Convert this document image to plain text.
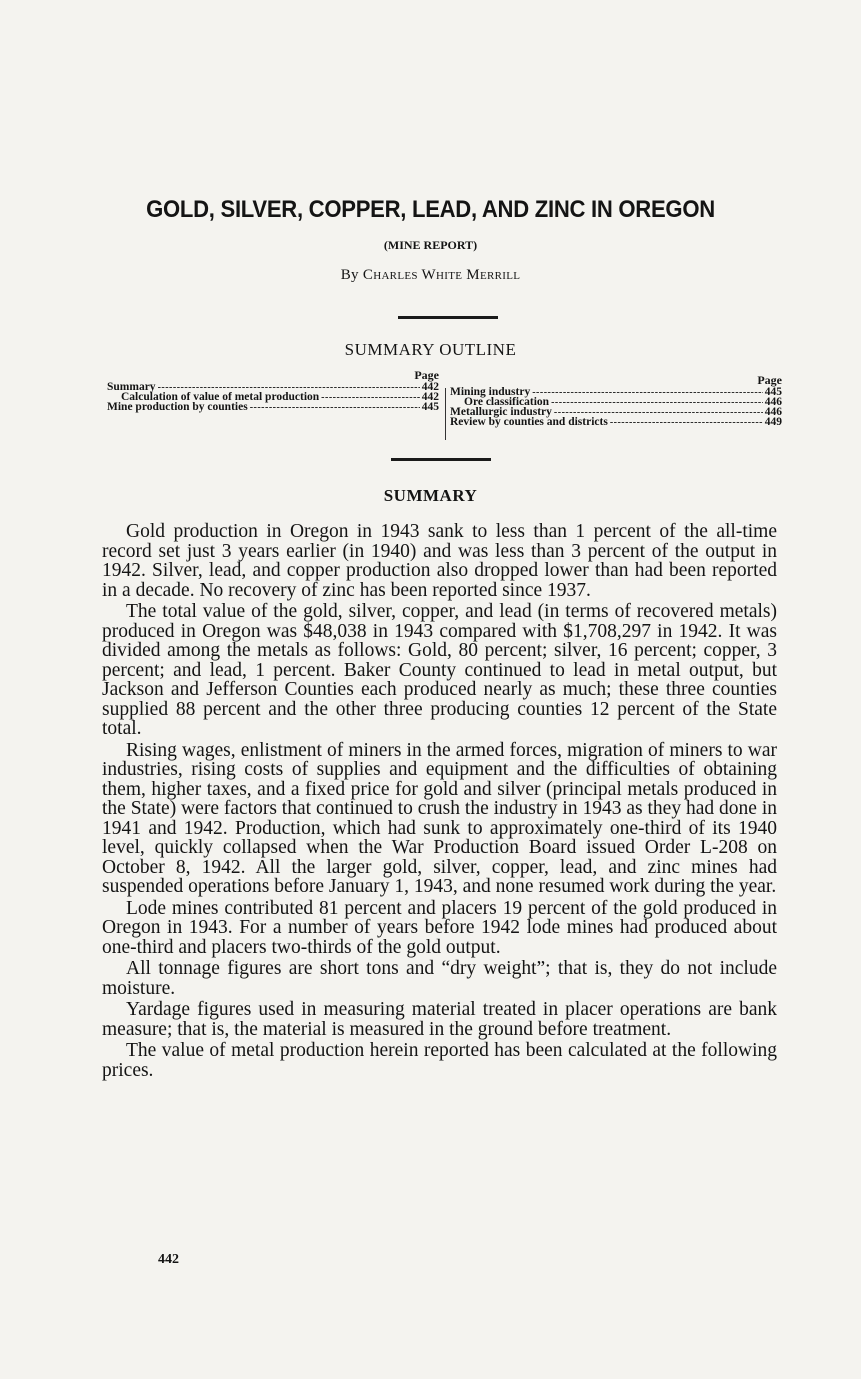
GOLD, SILVER, COPPER, LEAD, AND ZINC IN OREGON
(MINE REPORT)
By Charles White Merrill
SUMMARY OUTLINE
Page
Summary -----	442
Calculation of value of metal production -----	442
Mine production by counties -----	445
Page
Mining industry -----	445
Ore classification -----	446
Metallurgic industry -----	446
Review by counties and districts -----	449
SUMMARY

Gold production in Oregon in 1943 sank to less than 1 percent of the all-time record set just 3 years earlier (in 1940) and was less than 3 percent of the output in 1942. Silver, lead, and copper production also dropped lower than had been reported in a decade. No recovery of zinc has been reported since 1937.

The total value of the gold, silver, copper, and lead (in terms of recovered metals) produced in Oregon was $48,038 in 1943 compared with $1,708,297 in 1942. It was divided among the metals as follows: Gold, 80 percent; silver, 16 percent; copper, 3 percent; and lead, 1 percent. Baker County continued to lead in metal output, but Jackson and Jefferson Counties each produced nearly as much; these three counties supplied 88 percent and the other three producing counties 12 percent of the State total.

Rising wages, enlistment of miners in the armed forces, migration of miners to war industries, rising costs of supplies and equipment and the difficulties of obtaining them, higher taxes, and a fixed price for gold and silver (principal metals produced in the State) were factors that continued to crush the industry in 1943 as they had done in 1941 and 1942. Production, which had sunk to approximately one-third of its 1940 level, quickly collapsed when the War Production Board issued Order L-208 on October 8, 1942. All the larger gold, silver, copper, lead, and zinc mines had suspended operations before January 1, 1943, and none resumed work during the year.

Lode mines contributed 81 percent and placers 19 percent of the gold produced in Oregon in 1943. For a number of years before 1942 lode mines had produced about one-third and placers two-thirds of the gold output.

All tonnage figures are short tons and “dry weight”; that is, they do not include moisture.

Yardage figures used in measuring material treated in placer operations are bank measure; that is, the material is measured in the ground before treatment.

The value of metal production herein reported has been calculated at the following prices.

442
